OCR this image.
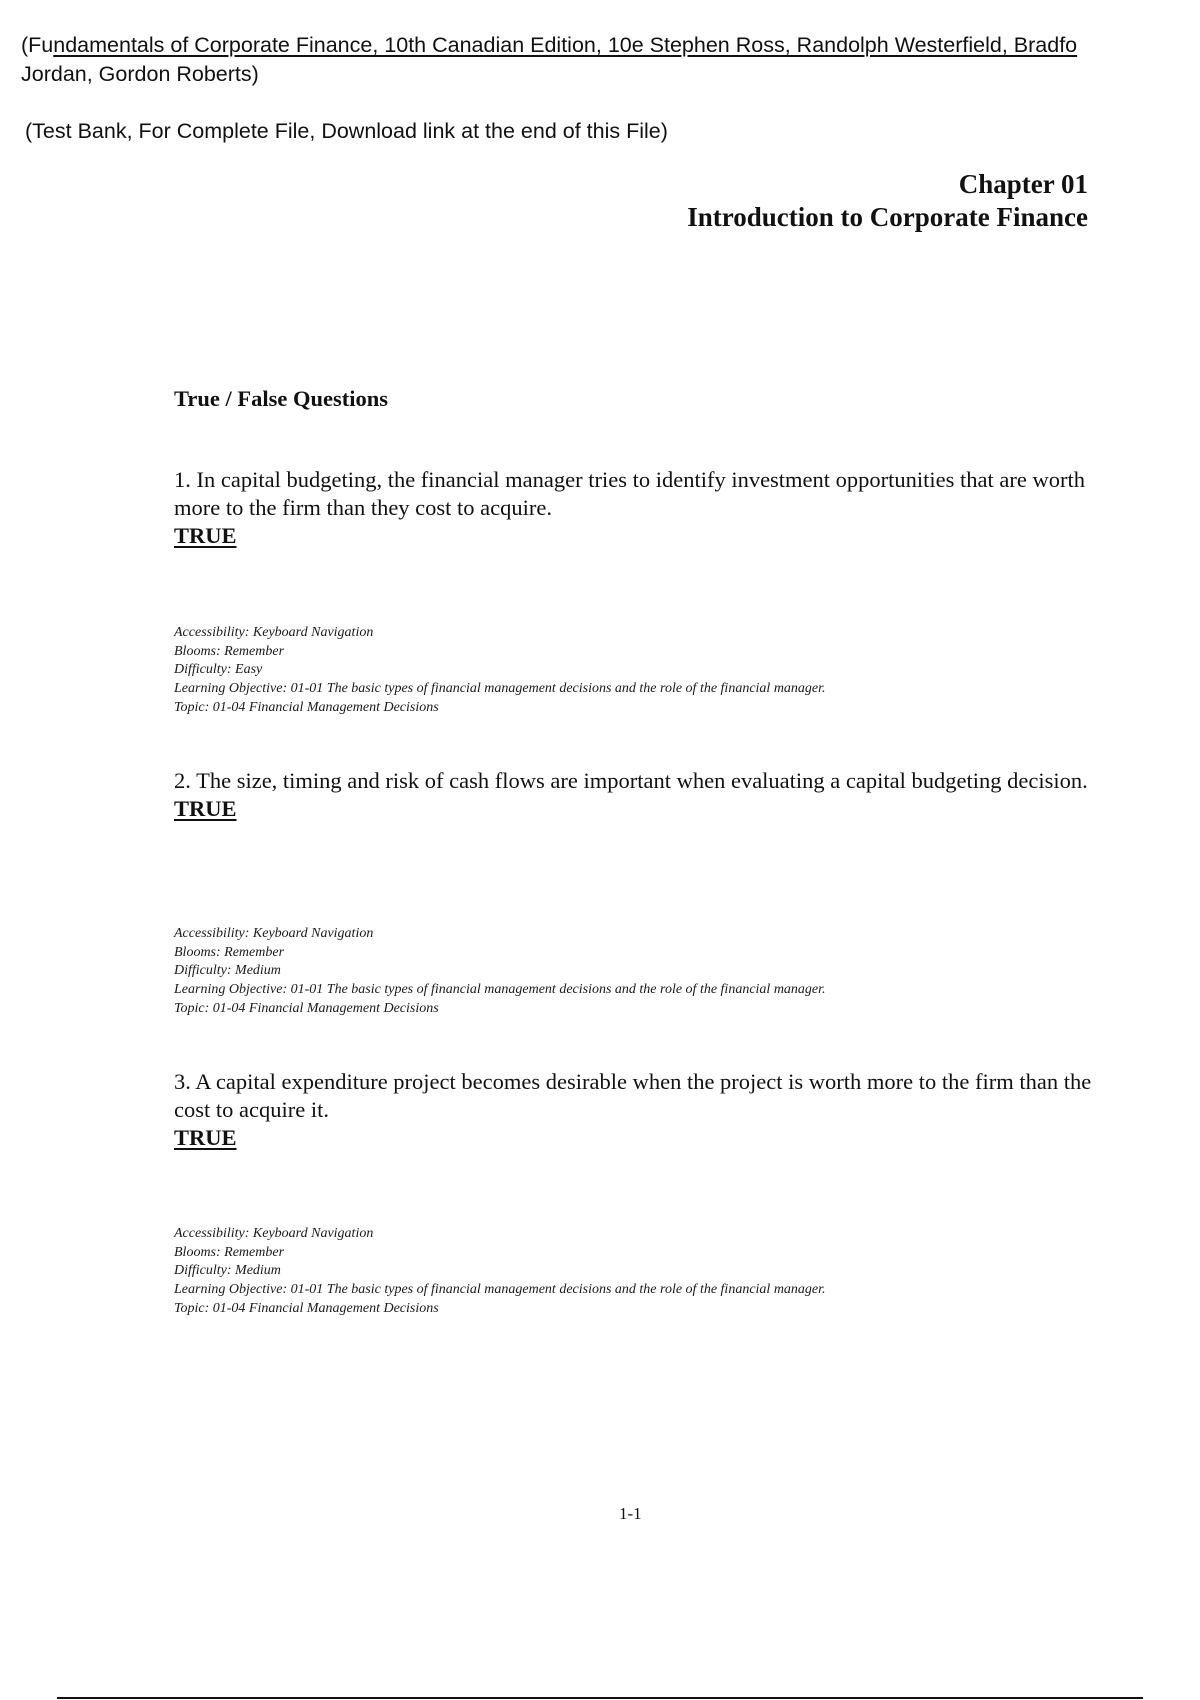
(Fundamentals of Corporate Finance, 10th Canadian Edition, 10e Stephen Ross, Randolph Westerfield, Bradfo
Jordan, Gordon Roberts)
(Test Bank, For Complete File, Download link at the end of this File)
Chapter 01
Introduction to Corporate Finance
True / False Questions
1. In capital budgeting, the financial manager tries to identify investment opportunities that are worth more to the firm than they cost to acquire.
TRUE
Accessibility: Keyboard Navigation
Blooms: Remember
Difficulty: Easy
Learning Objective: 01-01 The basic types of financial management decisions and the role of the financial manager.
Topic: 01-04 Financial Management Decisions
2. The size, timing and risk of cash flows are important when evaluating a capital budgeting decision.
TRUE
Accessibility: Keyboard Navigation
Blooms: Remember
Difficulty: Medium
Learning Objective: 01-01 The basic types of financial management decisions and the role of the financial manager.
Topic: 01-04 Financial Management Decisions
3. A capital expenditure project becomes desirable when the project is worth more to the firm than the cost to acquire it.
TRUE
Accessibility: Keyboard Navigation
Blooms: Remember
Difficulty: Medium
Learning Objective: 01-01 The basic types of financial management decisions and the role of the financial manager.
Topic: 01-04 Financial Management Decisions
1-1
